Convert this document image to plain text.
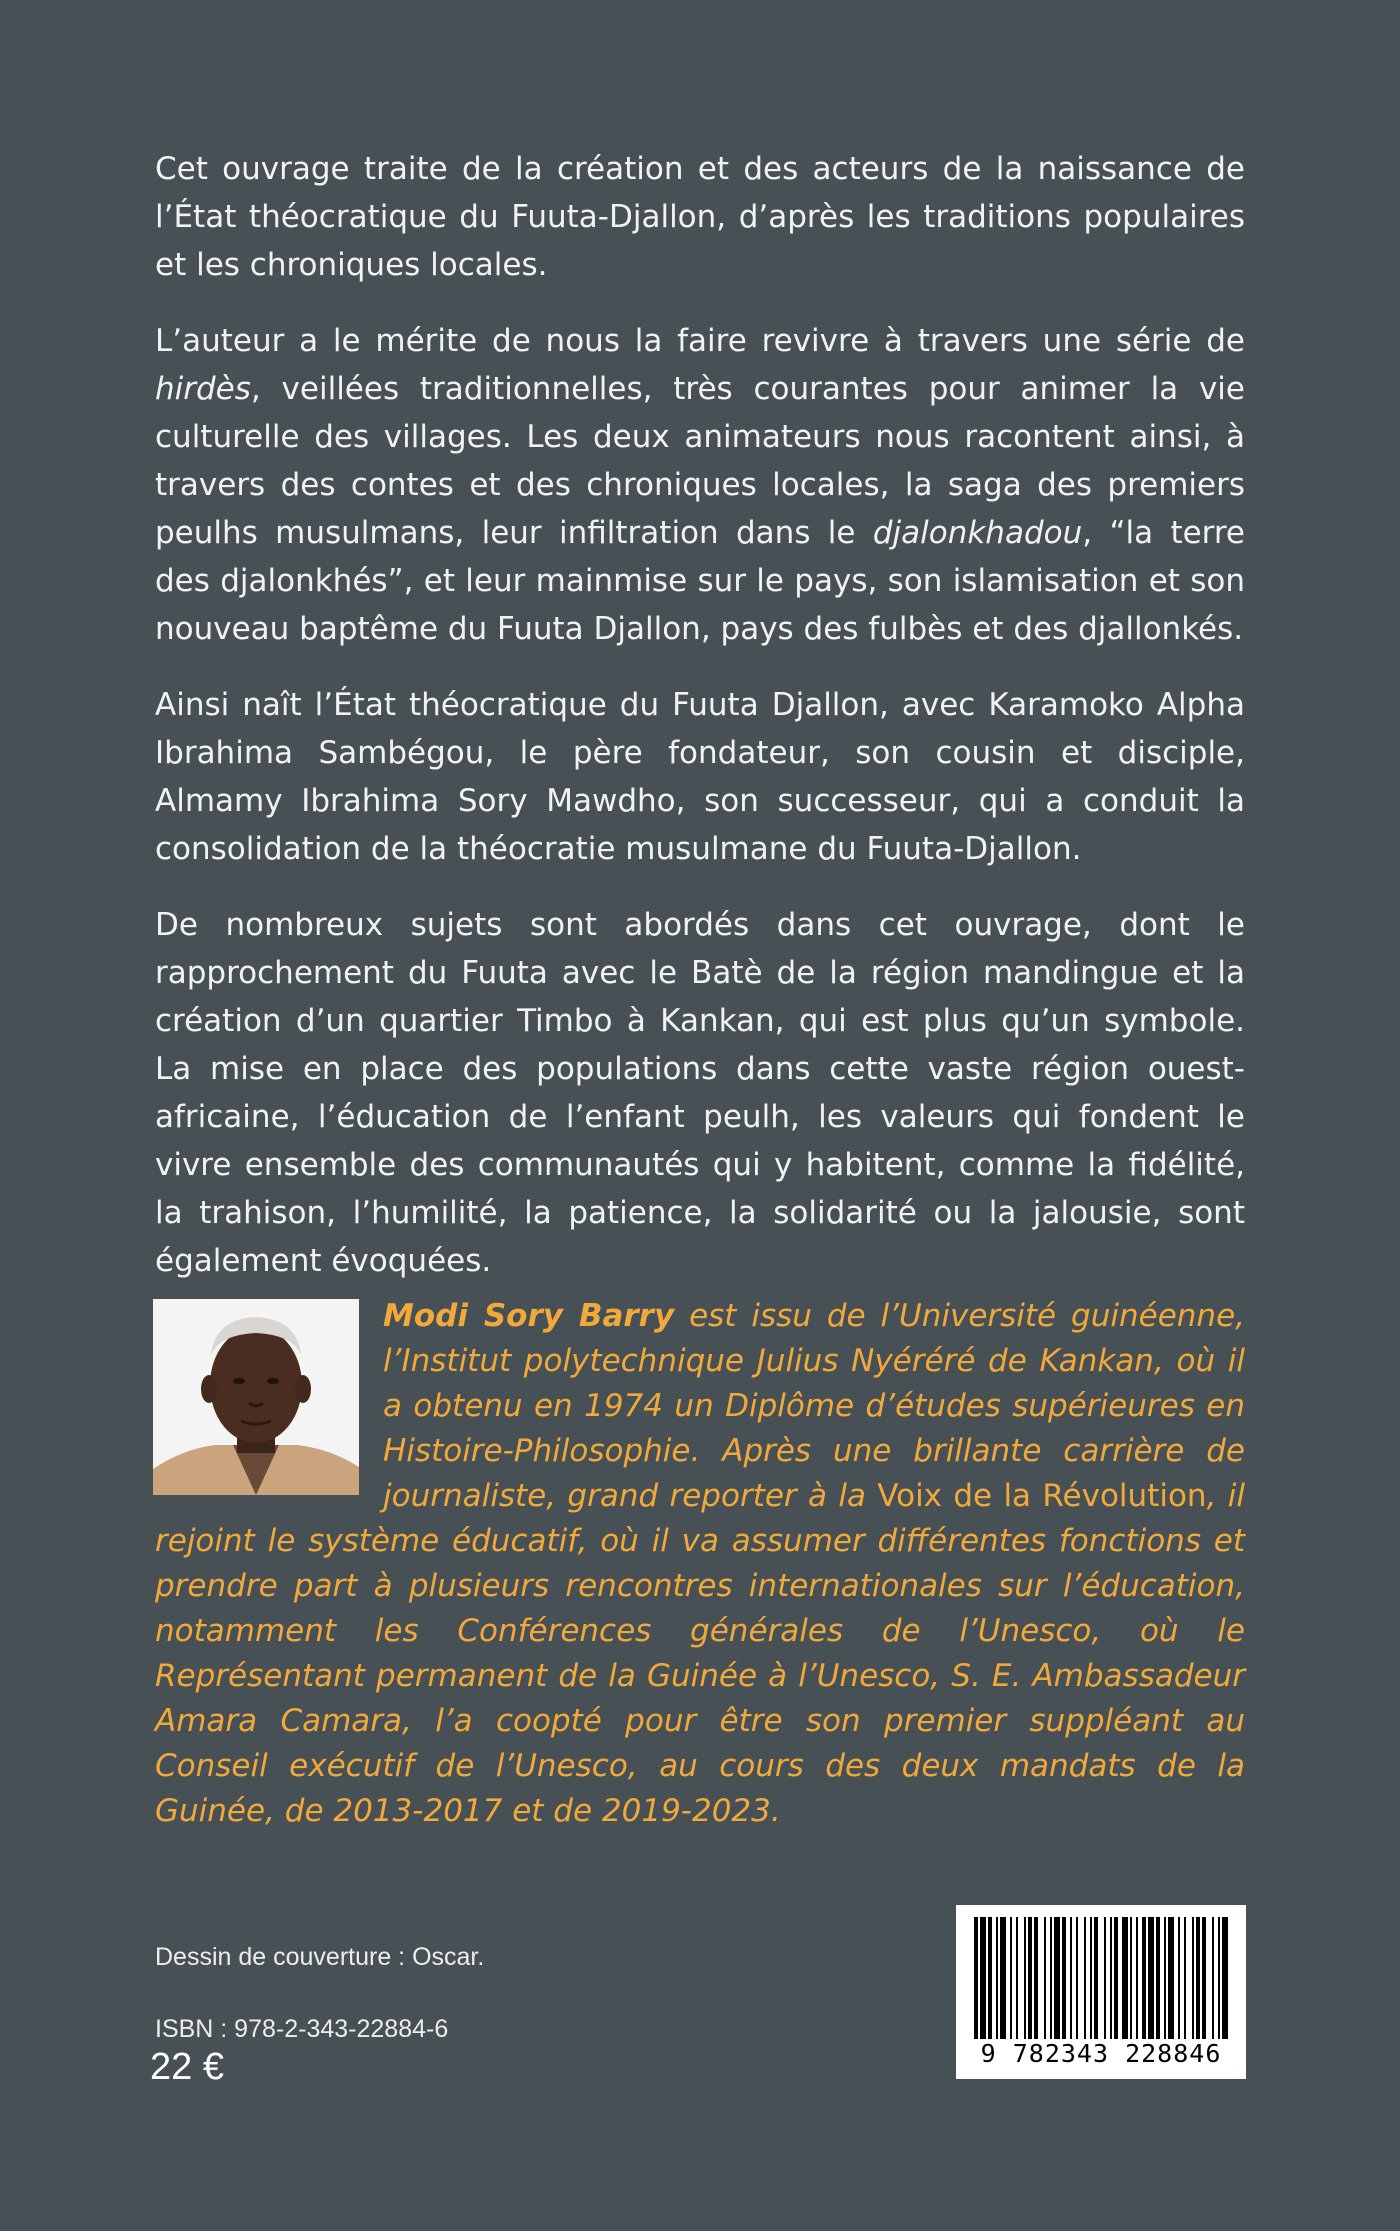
Cet ouvrage traite de la création et des acteurs de la naissance de l’État théocratique du Fuuta-Djallon, d’après les traditions populaires et les chroniques locales.

L’auteur a le mérite de nous la faire revivre à travers une série de hirdès, veillées traditionnelles, très courantes pour animer la vie culturelle des villages. Les deux animateurs nous racontent ainsi, à travers des contes et des chroniques locales, la saga des premiers peulhs musulmans, leur infiltration dans le djalonkhadou, “la terre des djalonkhés”, et leur mainmise sur le pays, son islamisation et son nouveau baptême du Fuuta Djallon, pays des fulbès et des djallonkés.

Ainsi naît l’État théocratique du Fuuta Djallon, avec Karamoko Alpha Ibrahima Sambégou, le père fondateur, son cousin et disciple, Almamy Ibrahima Sory Mawdho, son successeur, qui a conduit la consolidation de la théocratie musulmane du Fuuta-Djallon.

De nombreux sujets sont abordés dans cet ouvrage, dont le rapprochement du Fuuta avec le Batè de la région mandingue et la création d’un quartier Timbo à Kankan, qui est plus qu’un symbole. La mise en place des populations dans cette vaste région ouest-africaine, l’éducation de l’enfant peulh, les valeurs qui fondent le vivre ensemble des communautés qui y habitent, comme la fidélité, la trahison, l’humilité, la patience, la solidarité ou la jalousie, sont également évoquées.

Modi Sory Barry est issu de l’Université guinéenne, l’Institut polytechnique Julius Nyéréré de Kankan, où il a obtenu en 1974 un Diplôme d’études supérieures en Histoire-Philosophie. Après une brillante carrière de journaliste, grand reporter à la Voix de la Révolution, il rejoint le système éducatif, où il va assumer différentes fonctions et prendre part à plusieurs rencontres internationales sur l’éducation, notamment les Conférences générales de l’Unesco, où le Représentant permanent de la Guinée à l’Unesco, S. E. Ambassadeur Amara Camara, l’a coopté pour être son premier suppléant au Conseil exécutif de l’Unesco, au cours des deux mandats de la Guinée, de 2013-2017 et de 2019-2023.
Dessin de couverture : Oscar.
ISBN : 978-2-343-22884-6
22 €	9 782343 228846
